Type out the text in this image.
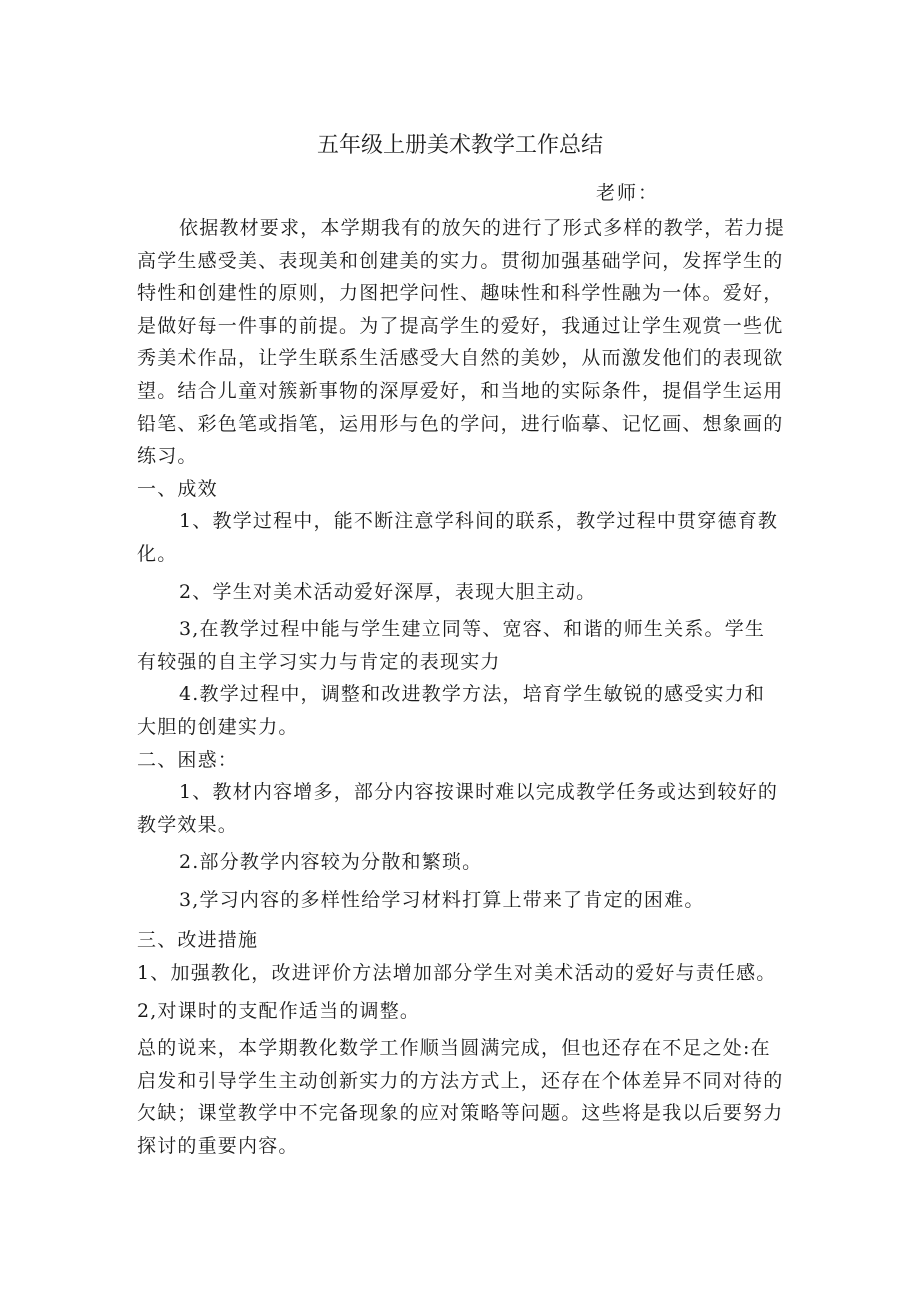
五年级上册美术教学工作总结
老师：

依据教材要求，本学期我有的放矢的进行了形式多样的教学，若力提高学生感受美、表现美和创建美的实力。贯彻加强基础学问，发挥学生的特性和创建性的原则，力图把学问性、趣味性和科学性融为一体。爱好，是做好每一件事的前提。为了提高学生的爱好，我通过让学生观赏一些优秀美术作品，让学生联系生活感受大自然的美妙，从而激发他们的表现欲望。结合儿童对簇新事物的深厚爱好，和当地的实际条件，提倡学生运用铅笔、彩色笔或指笔，运用形与色的学问，进行临摹、记忆画、想象画的练习。

一、成效

1、教学过程中，能不断注意学科间的联系，教学过程中贯穿德育教化。

2、学生对美术活动爱好深厚，表现大胆主动。

3,在教学过程中能与学生建立同等、宽容、和谐的师生关系。学生有较强的自主学习实力与肯定的表现实力

4.教学过程中，调整和改进教学方法，培育学生敏锐的感受实力和大胆的创建实力。

二、困惑：

1、教材内容增多，部分内容按课时难以完成教学任务或达到较好的教学效果。

2.部分教学内容较为分散和繁琐。

3,学习内容的多样性给学习材料打算上带来了肯定的困难。

三、改进措施

1、加强教化，改进评价方法增加部分学生对美术活动的爱好与责任感。

2,对课时的支配作适当的调整。

总的说来，本学期教化数学工作顺当圆满完成，但也还存在不足之处:在启发和引导学生主动创新实力的方法方式上，还存在个体差异不同对待的欠缺；课堂教学中不完备现象的应对策略等问题。这些将是我以后要努力探讨的重要内容。
